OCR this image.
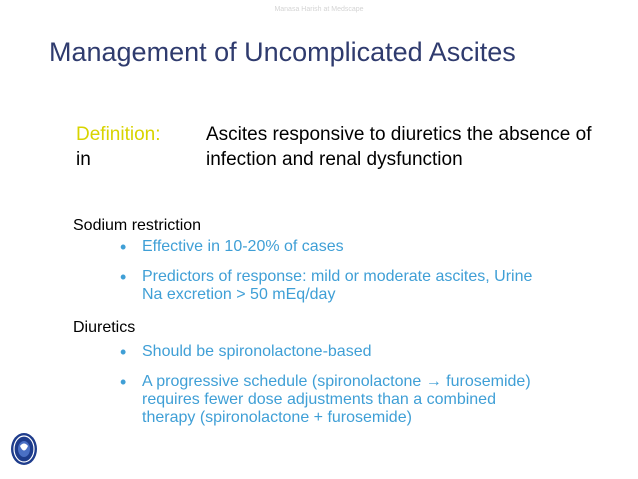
Manasa Harish at Medscape
Management of Uncomplicated Ascites
Definition:
in
Ascites responsive to diuretics the absence of infection and renal dysfunction
Sodium restriction
• Effective in 10-20% of cases
• Predictors of response: mild or moderate ascites, Urine Na excretion > 50 mEq/day
Diuretics
• Should be spironolactone-based
• A progressive schedule (spironolactone → furosemide) requires fewer dose adjustments than a combined therapy (spironolactone + furosemide)
